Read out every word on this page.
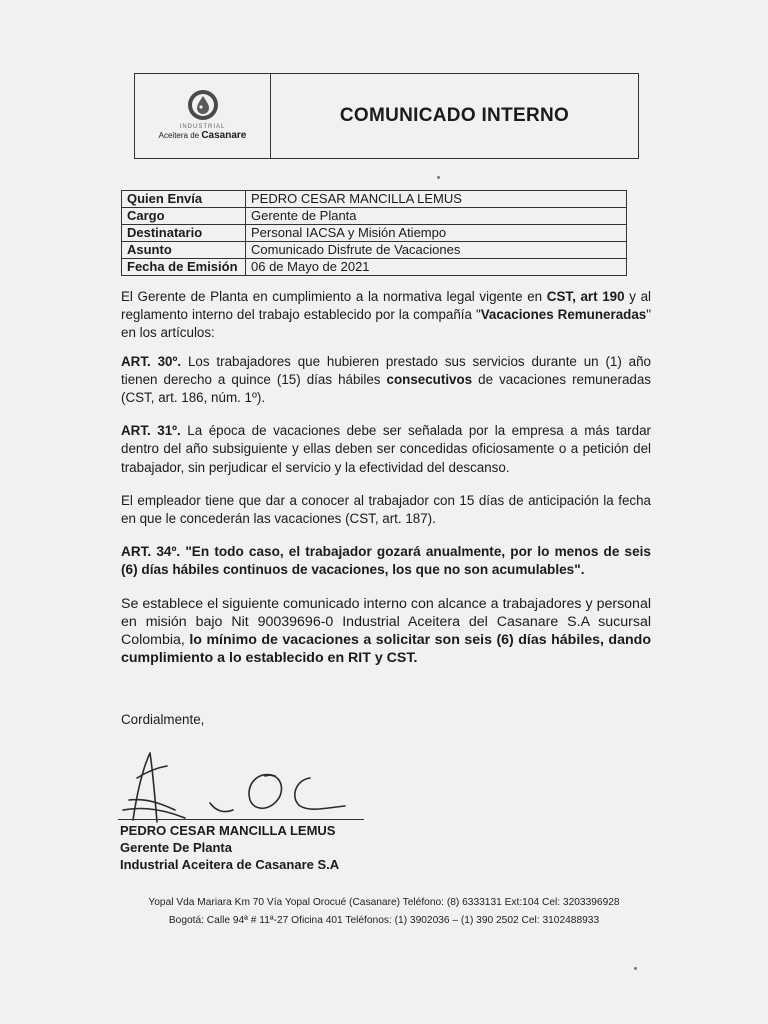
INDUSTRIAL
Aceitera de Casanare
COMUNICADO INTERNO
Quien Envía	PEDRO CESAR MANCILLA LEMUS
Cargo	Gerente de Planta
Destinatario	Personal IACSA y Misión Atiempo
Asunto	Comunicado Disfrute de Vacaciones
Fecha de Emisión	06 de Mayo de 2021

El Gerente de Planta en cumplimiento a la normativa legal vigente en CST, art 190 y al reglamento interno del trabajo establecido por la compañía "Vacaciones Remuneradas" en los artículos:

ART. 30º. Los trabajadores que hubieren prestado sus servicios durante un (1) año tienen derecho a quince (15) días hábiles consecutivos de vacaciones remuneradas (CST, art. 186, núm. 1º).

ART. 31º. La época de vacaciones debe ser señalada por la empresa a más tardar dentro del año subsiguiente y ellas deben ser concedidas oficiosamente o a petición del trabajador, sin perjudicar el servicio y la efectividad del descanso.

El empleador tiene que dar a conocer al trabajador con 15 días de anticipación la fecha en que le concederán las vacaciones (CST, art. 187).

ART. 34º. "En todo caso, el trabajador gozará anualmente, por lo menos de seis (6) días hábiles continuos de vacaciones, los que no son acumulables".

Se establece el siguiente comunicado interno con alcance a trabajadores y personal en misión bajo Nit 90039696-0 Industrial Aceitera del Casanare S.A sucursal Colombia, lo mínimo de vacaciones a solicitar son seis (6) días hábiles, dando cumplimiento a lo establecido en RIT y CST.

Cordialmente,
PEDRO CESAR MANCILLA LEMUS
Gerente De Planta
Industrial Aceitera de Casanare S.A
Yopal Vda Mariara Km 70 Vía Yopal Orocué (Casanare) Teléfono: (8) 6333131 Ext:104 Cel: 3203396928
Bogotá: Calle 94ª # 11ª-27 Oficina 401 Teléfonos: (1) 3902036 – (1) 390 2502 Cel: 3102488933
